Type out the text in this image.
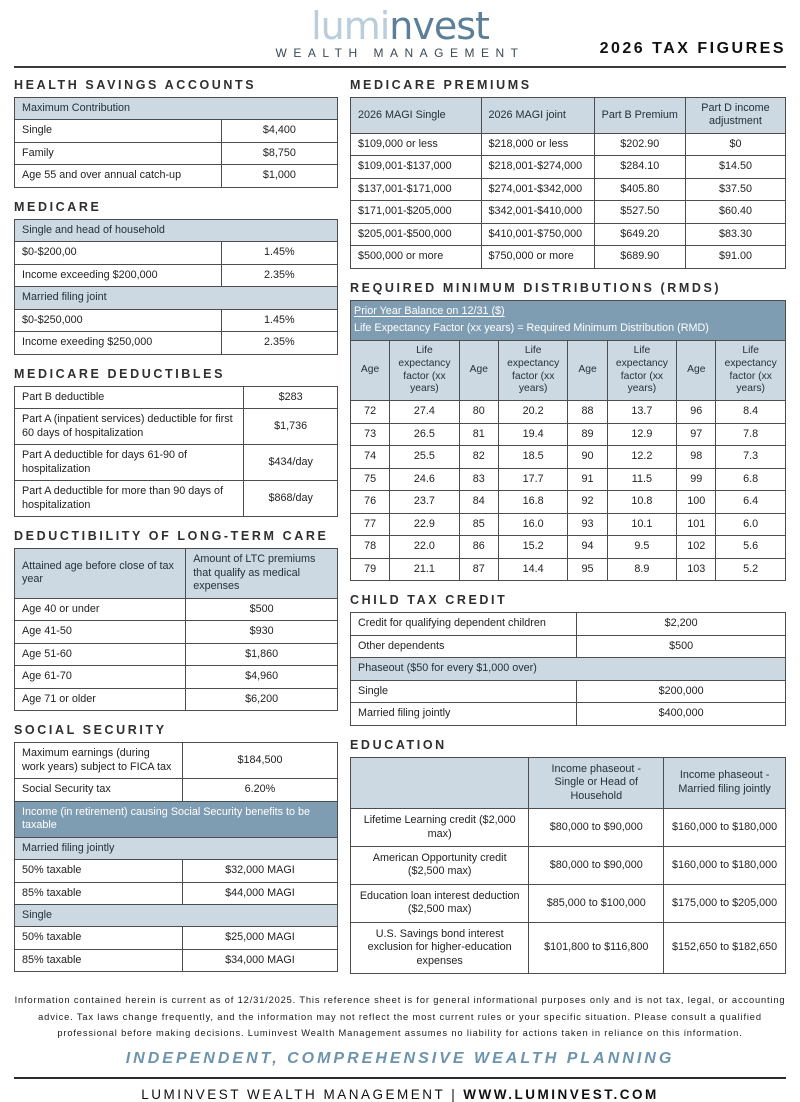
luminvest
WEALTH MANAGEMENT	2026 TAX FIGURES
HEALTH SAVINGS ACCOUNTS
Maximum Contribution	
Single	$4,400
Family	$8,750
Age 55 and over annual catch-up	$1,000
MEDICARE
Single and head of household	
$0-$200,00	1.45%
Income exceeding $200,000	2.35%
Married filing joint	
$0-$250,000	1.45%
Income exeeding $250,000	2.35%
MEDICARE DEDUCTIBLES
Part B deductible	$283
Part A (inpatient services) deductible for first 60 days of hospitalization	$1,736
Part A deductible for days 61-90 of hospitalization	$434/day
Part A deductible for more than 90 days of hospitalization	$868/day
DEDUCTIBILITY OF LONG-TERM CARE
Attained age before close of tax year	Amount of LTC premiums that qualify as medical expenses
Age 40 or under	$500
Age 41-50	$930
Age 51-60	$1,860
Age 61-70	$4,960
Age 71 or older	$6,200
SOCIAL SECURITY
Maximum earnings (during work years) subject to FICA tax	$184,500
Social Security tax	6.20%
Income (in retirement) causing Social Security benefits to be taxable	
Married filing jointly	
50% taxable	$32,000 MAGI
85% taxable	$44,000 MAGI
Single	
50% taxable	$25,000 MAGI
85% taxable	$34,000 MAGI
MEDICARE PREMIUMS
2026 MAGI Single	2026 MAGI joint	Part B Premium	Part D income adjustment
$109,000 or less	$218,000 or less	$202.90	$0
$109,001-$137,000	$218,001-$274,000	$284.10	$14.50
$137,001-$171,000	$274,001-$342,000	$405.80	$37.50
$171,001-$205,000	$342,001-$410,000	$527.50	$60.40
$205,001-$500,000	$410,001-$750,000	$649.20	$83.30
$500,000 or more	$750,000 or more	$689.90	$91.00
REQUIRED MINIMUM DISTRIBUTIONS (RMDS)
Prior Year Balance on 12/31 ($)							
Life Expectancy Factor (xx years) = Required Minimum Distribution (RMD)							
Age	Life expectancy factor (xx years)	Age	Life expectancy factor (xx years)	Age	Life expectancy factor (xx years)	Age	Life expectancy factor (xx years)
72	27.4	80	20.2	88	13.7	96	8.4
73	26.5	81	19.4	89	12.9	97	7.8
74	25.5	82	18.5	90	12.2	98	7.3
75	24.6	83	17.7	91	11.5	99	6.8
76	23.7	84	16.8	92	10.8	100	6.4
77	22.9	85	16.0	93	10.1	101	6.0
78	22.0	86	15.2	94	9.5	102	5.6
79	21.1	87	14.4	95	8.9	103	5.2
CHILD TAX CREDIT
Credit for qualifying dependent children	$2,200
Other dependents	$500
Phaseout ($50 for every $1,000 over)	
Single	$200,000
Married filing jointly	$400,000
EDUCATION
	Income phaseout - Single or Head of Household	Income phaseout - Married filing jointly
Lifetime Learning credit ($2,000 max)	$80,000 to $90,000	$160,000 to $180,000
American Opportunity credit ($2,500 max)	$80,000 to $90,000	$160,000 to $180,000
Education loan interest deduction ($2,500 max)	$85,000 to $100,000	$175,000 to $205,000
U.S. Savings bond interest exclusion for higher-education expenses	$101,800 to $116,800	$152,650 to $182,650
Information contained herein is current as of 12/31/2025. This reference sheet is for general informational purposes only and is not tax, legal, or accounting advice. Tax laws change frequently, and the information may not reflect the most current rules or your specific situation. Please consult a qualified professional before making decisions. Luminvest Wealth Management assumes no liability for actions taken in reliance on this information.
INDEPENDENT, COMPREHENSIVE WEALTH PLANNING
LUMINVEST WEALTH MANAGEMENT | WWW.LUMINVEST.COM
